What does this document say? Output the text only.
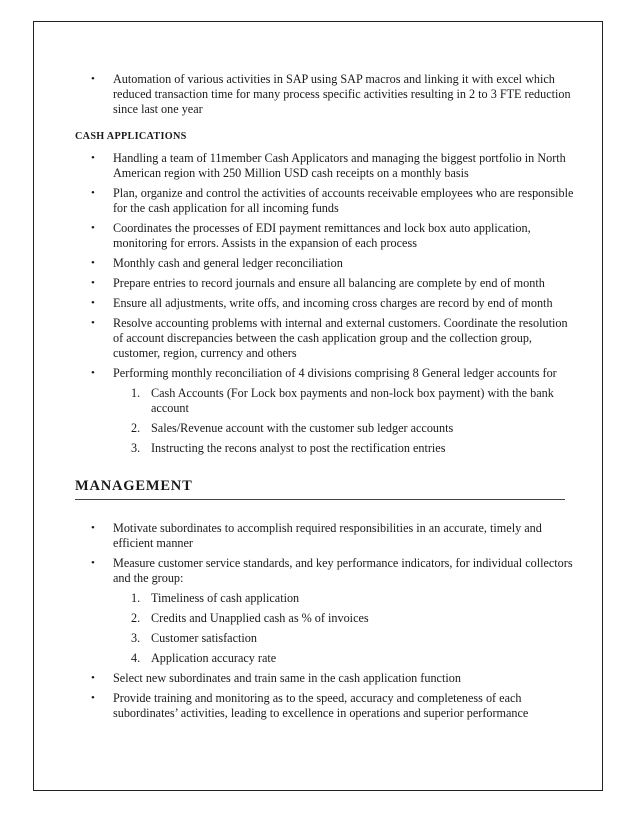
• Automation of various activities in SAP using SAP macros and linking it with excel which reduced transaction time for many process specific activities resulting in 2 to 3 FTE reduction since last one year
CASH APPLICATIONS
• Handling a team of 11member Cash Applicators and managing the biggest portfolio in North American region with 250 Million USD cash receipts on a monthly basis
• Plan, organize and control the activities of accounts receivable employees who are responsible for the cash application for all incoming funds
• Coordinates the processes of EDI payment remittances and lock box auto application, monitoring for errors. Assists in the expansion of each process
• Monthly cash and general ledger reconciliation
• Prepare entries to record journals and ensure all balancing are complete by end of month
• Ensure all adjustments, write offs, and incoming cross charges are record by end of month
• Resolve accounting problems with internal and external customers. Coordinate the resolution of account discrepancies between the cash application group and the collection group, customer, region, currency and others
• Performing monthly reconciliation of 4 divisions comprising 8 General ledger accounts for
1. Cash Accounts (For Lock box payments and non-lock box payment) with the bank account
2. Sales/Revenue account with the customer sub ledger accounts
3. Instructing the recons analyst to post the rectification entries
MANAGEMENT
• Motivate subordinates to accomplish required responsibilities in an accurate, timely and efficient manner
• Measure customer service standards, and key performance indicators, for individual collectors and the group:
1. Timeliness of cash application
2. Credits and Unapplied cash as % of invoices
3. Customer satisfaction
4. Application accuracy rate
• Select new subordinates and train same in the cash application function
• Provide training and monitoring as to the speed, accuracy and completeness of each subordinates’ activities, leading to excellence in operations and superior performance
